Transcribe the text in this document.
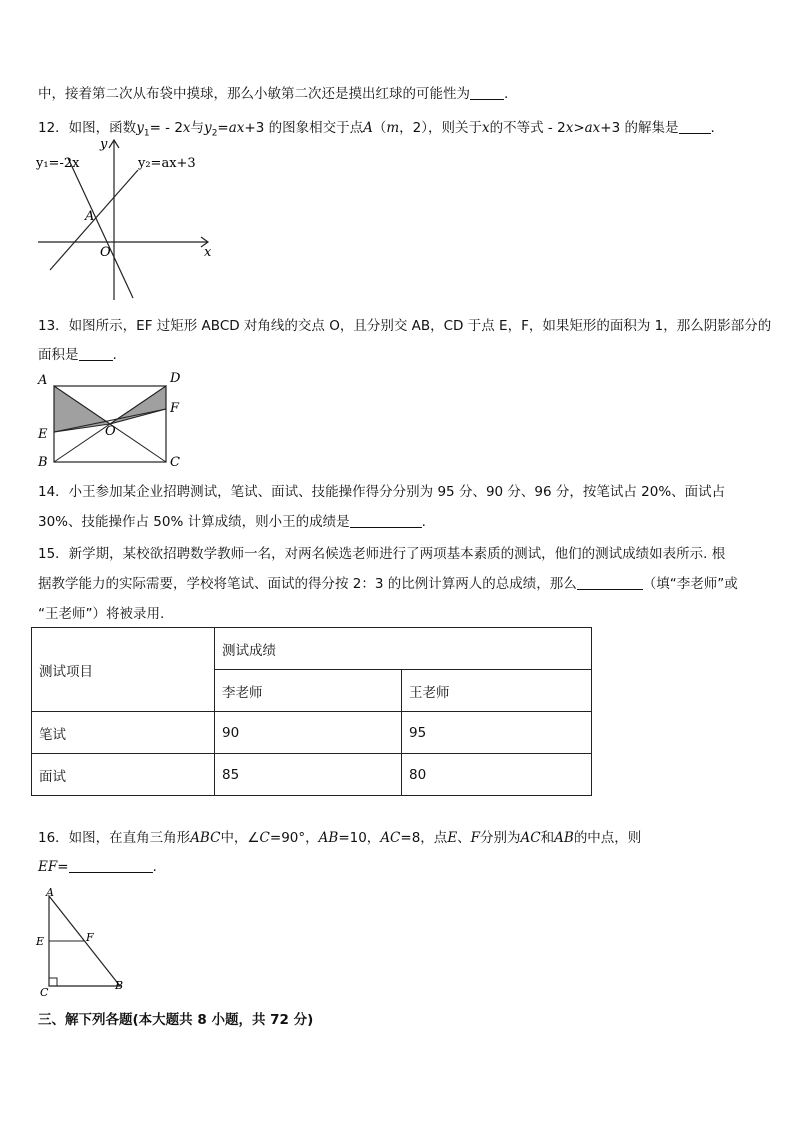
中，接着第二次从布袋中摸球，那么小敏第二次还是摸出红球的可能性为	.
12．如图，函数$y_1= - 2x$与$y_2=ax+3$ 的图象相交于点A（m，2），则关于x的不等式 - 2x>ax+3 的解集是 .
y₁=-2x	y₂=ax+3
y
x
A
O
13．如图所示，EF 过矩形 ABCD 对角线的交点 O，且分别交 AB，CD 于点 E，F，如果矩形的面积为 1，那么阴影部分的
面积是	.
A	D
F
O
E
B	C
14．小王参加某企业招聘测试，笔试、面试、技能操作得分分别为 95 分、90 分、96 分，按笔试占 20%、面试占
30%、技能操作占 50% 计算成绩，则小王的成绩是	.
15．新学期，某校欲招聘数学教师一名，对两名候选老师进行了两项基本素质的测试，他们的测试成绩如表所示. 根
据教学能力的实际需要，学校将笔试、面试的得分按 2：3 的比例计算两人的总成绩，那么	（填“李老师”或
“王老师”）将被录用.
测试项目	测试成绩	
	李老师	王老师
笔试	90	95
面试	85	80
16．如图，在直角三角形ABC中，∠C=90°，AB=10，AC=8，点E、F分别为AC和AB的中点，则
EF=	.
A
E	F
C
B
三、解下列各题(本大题共 8 小题，共 72 分)
